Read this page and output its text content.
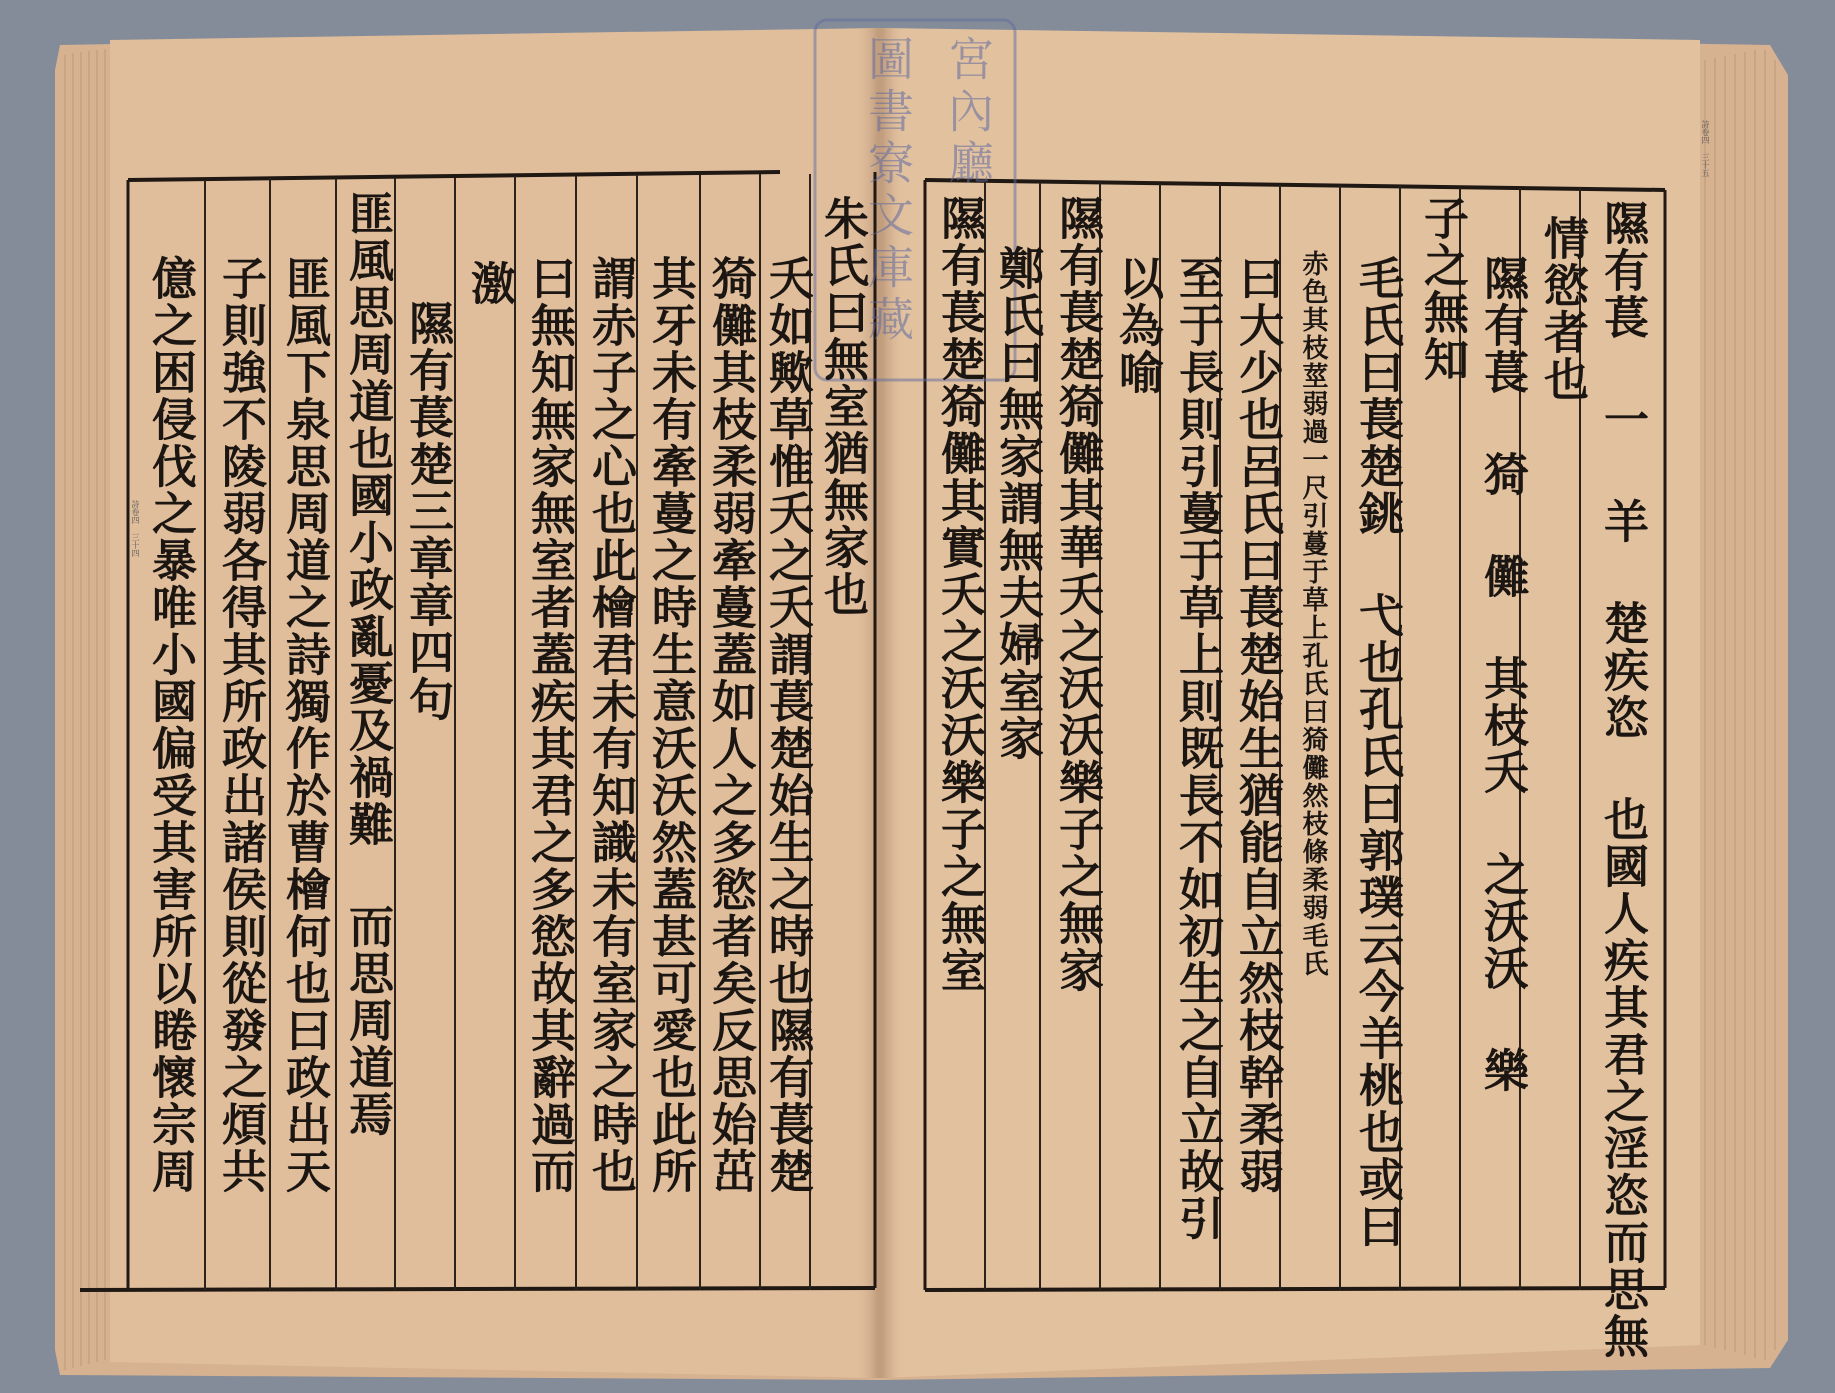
隰有萇 一 羊 楚疾恣 也國人疾其君之淫恣而思無
情慾者也
隰有萇 猗 儺 其枝夭 之沃沃 樂
子之無知
毛氏曰萇楚銚 弋也孔氏曰郭璞云今羊桃也或曰
赤色其枝莖弱過一尺引蔓于草上孔氏曰猗儺然枝條柔弱毛氏
曰大少也呂氏曰萇楚始生猶能自立然枝幹柔弱
至于長則引蔓于草上則既長不如初生之自立故引
以為喻
隰有萇楚猗儺其華夭之沃沃樂子之無家
鄭氏曰無家謂無夫婦室家
隰有萇楚猗儺其實夭之沃沃樂子之無室
朱氏曰無室猶無家也
夭如歟草惟夭之夭謂萇楚始生之時也隰有萇楚
猗儺其枝柔弱牽蔓蓋如人之多慾者矣反思始茁
其牙未有牽蔓之時生意沃沃然蓋甚可愛也此所
謂赤子之心也此檜君未有知識未有室家之時也
曰無知無家無室者蓋疾其君之多慾故其辭過而
激
隰有萇楚三章章四句
匪風思周道也國小政亂憂及禍難 而思周道焉
匪風下泉思周道之詩獨作於曹檜何也曰政出天
子則強不陵弱各得其所政出諸侯則從發之煩共
億之困侵伐之暴唯小國偏受其害所以睠懷宗周
宮內廳
圖書寮文庫藏
詩卷四 三十四
詩卷四 三十五
